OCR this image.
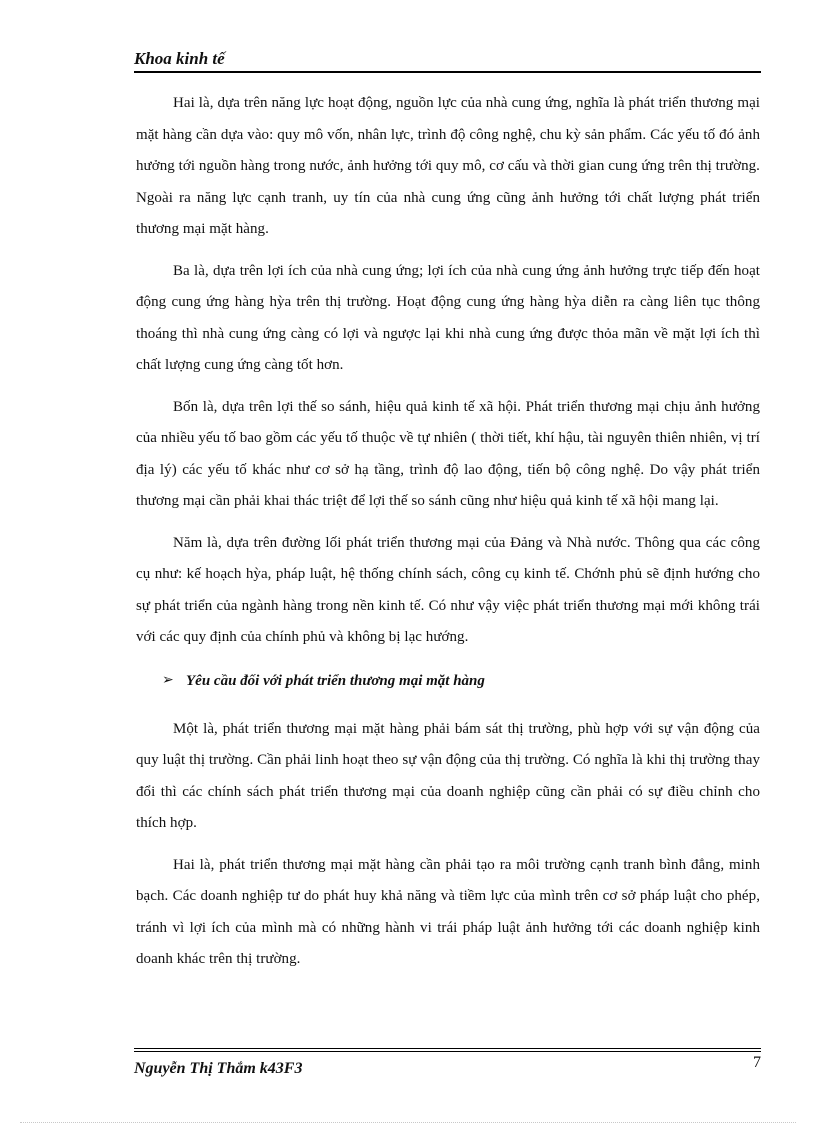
Khoa kinh tế

Hai là, dựa trên năng lực hoạt động, nguồn lực của nhà cung ứng, nghĩa là phát triển thương mại mặt hàng cần dựa vào: quy mô vốn, nhân lực, trình độ công nghệ, chu kỳ sản phẩm. Các yếu tố đó ảnh hưởng tới nguồn hàng trong nước, ảnh hưởng tới quy mô, cơ cấu và thời gian cung ứng trên thị trường. Ngoài ra năng lực cạnh tranh, uy tín của nhà cung ứng cũng ảnh hưởng tới chất lượng phát triển thương mại mặt hàng.

Ba là, dựa trên lợi ích của nhà cung ứng; lợi ích của nhà cung ứng ảnh hưởng trực tiếp đến hoạt động cung ứng hàng hỳa trên thị trường. Hoạt động cung ứng hàng hỳa diễn ra càng liên tục thông thoáng thì nhà cung ứng càng có lợi và ngược lại khi nhà cung ứng được thỏa mãn về mặt lợi ích thì chất lượng cung ứng càng tốt hơn.

Bốn là, dựa trên lợi thế so sánh, hiệu quả kinh tế xã hội. Phát triển thương mại chịu ảnh hưởng của nhiều yếu tố bao gồm các yếu tố thuộc về tự nhiên ( thời tiết, khí hậu, tài nguyên thiên nhiên, vị trí địa lý) các yếu tố khác như cơ sở hạ tầng, trình độ lao động, tiến bộ công nghệ. Do vậy phát triển thương mại cần phải khai thác triệt để lợi thế so sánh cũng như hiệu quả kinh tế xã hội mang lại.

Năm là, dựa trên đường lối phát triển thương mại của Đảng và Nhà nước. Thông qua các công cụ như: kế hoạch hỳa, pháp luật, hệ thống chính sách, công cụ kinh tế. Chớnh phủ sẽ định hướng cho sự phát triển của ngành hàng trong nền kinh tế. Có như vậy việc phát triển thương mại mới không trái với các quy định của chính phủ và không bị lạc hướng.

➢ Yêu cầu đối với phát triển thương mại mặt hàng

Một là, phát triển thương mại mặt hàng phải bám sát thị trường, phù hợp với sự vận động của quy luật thị trường. Cần phải linh hoạt theo sự vận động của thị trường. Có nghĩa là khi thị trường thay đổi thì các chính sách phát triển thương mại của doanh nghiệp cũng cần phải có sự điều chỉnh cho thích hợp.

Hai là, phát triển thương mại mặt hàng cần phải tạo ra môi trường cạnh tranh bình đẳng, minh bạch. Các doanh nghiệp tư do phát huy khả năng và tiềm lực của mình trên cơ sở pháp luật cho phép, tránh vì lợi ích của mình mà có những hành vi trái pháp luật ảnh hưởng tới các doanh nghiệp kinh doanh khác trên thị trường.

Nguyễn Thị Thắm k43F3	7
